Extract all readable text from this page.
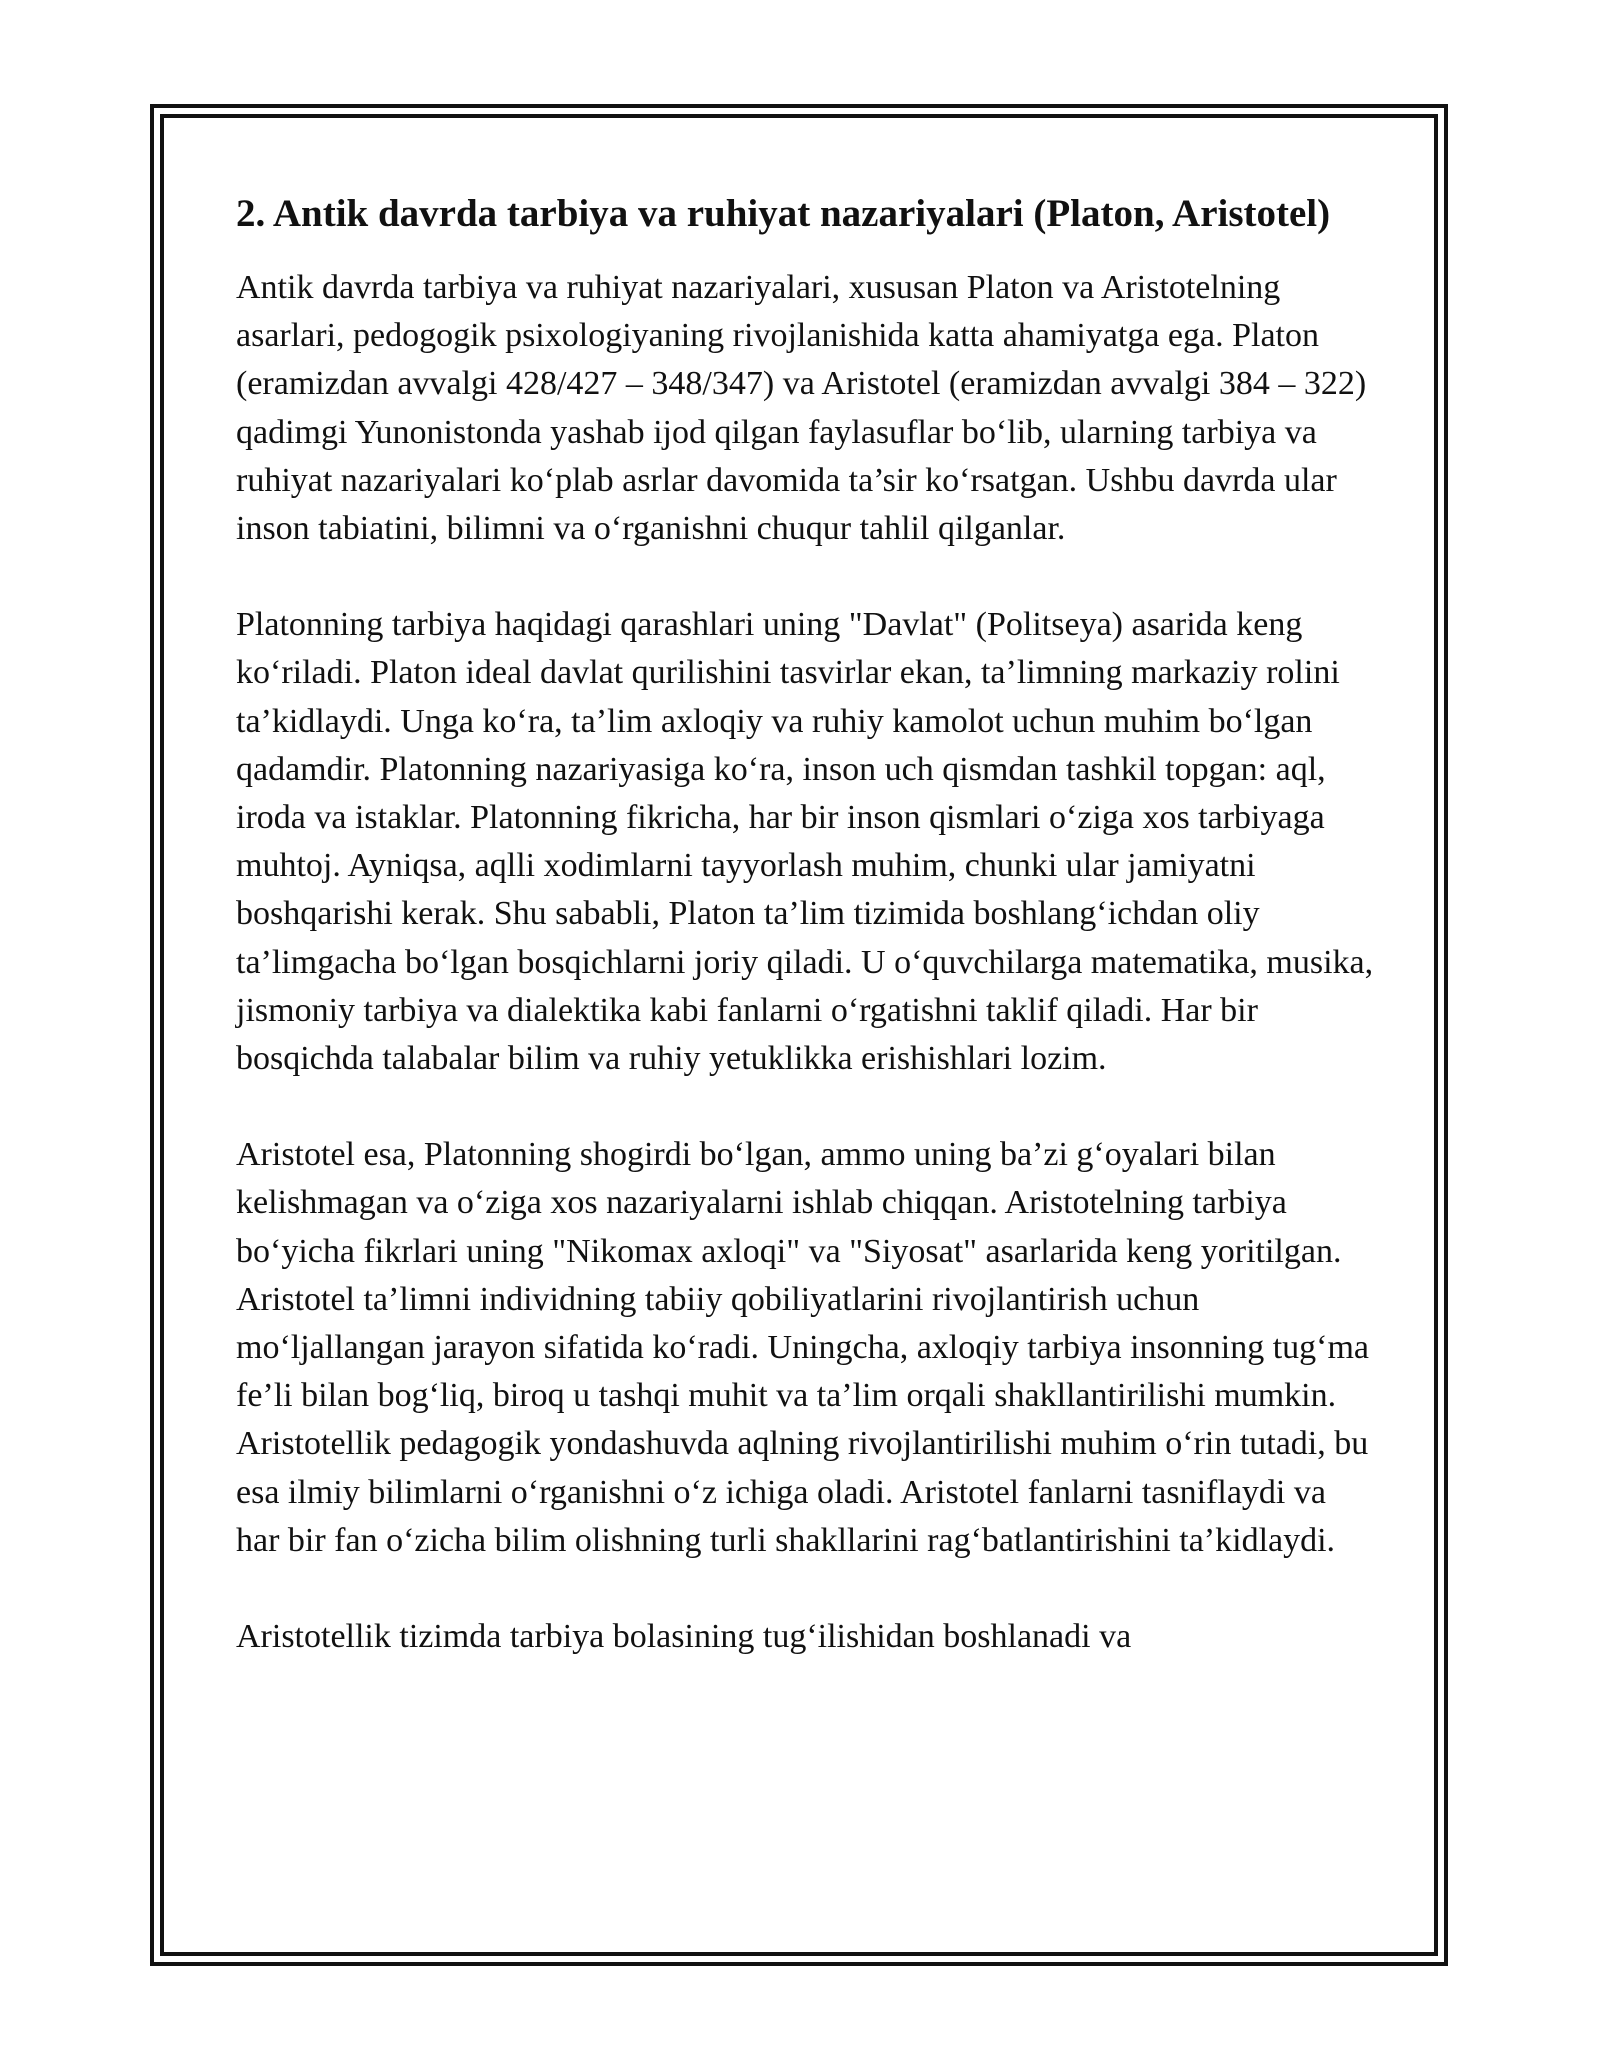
2. Antik davrda tarbiya va ruhiyat nazariyalari (Platon, Aristotel)

Antik davrda tarbiya va ruhiyat nazariyalari, xususan Platon va Aristotelning asarlari, pedogogik psixologiyaning rivojlanishida katta ahamiyatga ega. Platon (eramizdan avvalgi 428/427 – 348/347) va Aristotel (eramizdan avvalgi 384 – 322) qadimgi Yunonistonda yashab ijod qilgan faylasuflar bo‘lib, ularning tarbiya va ruhiyat nazariyalari ko‘plab asrlar davomida ta’sir ko‘rsatgan. Ushbu davrda ular inson tabiatini, bilimni va o‘rganishni chuqur tahlil qilganlar.

Platonning tarbiya haqidagi qarashlari uning "Davlat" (Politseya) asarida keng ko‘riladi. Platon ideal davlat qurilishini tasvirlar ekan, ta’limning markaziy rolini ta’kidlaydi. Unga ko‘ra, ta’lim axloqiy va ruhiy kamolot uchun muhim bo‘lgan qadamdir. Platonning nazariyasiga ko‘ra, inson uch qismdan tashkil topgan: aql, iroda va istaklar. Platonning fikricha, har bir inson qismlari o‘ziga xos tarbiyaga muhtoj. Ayniqsa, aqlli xodimlarni tayyorlash muhim, chunki ular jamiyatni boshqarishi kerak. Shu sababli, Platon ta’lim tizimida boshlang‘ichdan oliy ta’limgacha bo‘lgan bosqichlarni joriy qiladi. U o‘quvchilarga matematika, musika, jismoniy tarbiya va dialektika kabi fanlarni o‘rgatishni taklif qiladi. Har bir bosqichda talabalar bilim va ruhiy yetuklikka erishishlari lozim.

Aristotel esa, Platonning shogirdi bo‘lgan, ammo uning ba’zi g‘oyalari bilan kelishmagan va o‘ziga xos nazariyalarni ishlab chiqqan. Aristotelning tarbiya bo‘yicha fikrlari uning "Nikomax axloqi" va "Siyosat" asarlarida keng yoritilgan. Aristotel ta’limni individning tabiiy qobiliyatlarini rivojlantirish uchun mo‘ljallangan jarayon sifatida ko‘radi. Uningcha, axloqiy tarbiya insonning tug‘ma fe’li bilan bog‘liq, biroq u tashqi muhit va ta’lim orqali shakllantirilishi mumkin. Aristotellik pedagogik yondashuvda aqlning rivojlantirilishi muhim o‘rin tutadi, bu esa ilmiy bilimlarni o‘rganishni o‘z ichiga oladi. Aristotel fanlarni tasniflaydi va har bir fan o‘zicha bilim olishning turli shakllarini rag‘batlantirishini ta’kidlaydi.

Aristotellik tizimda tarbiya bolasining tug‘ilishidan boshlanadi va
